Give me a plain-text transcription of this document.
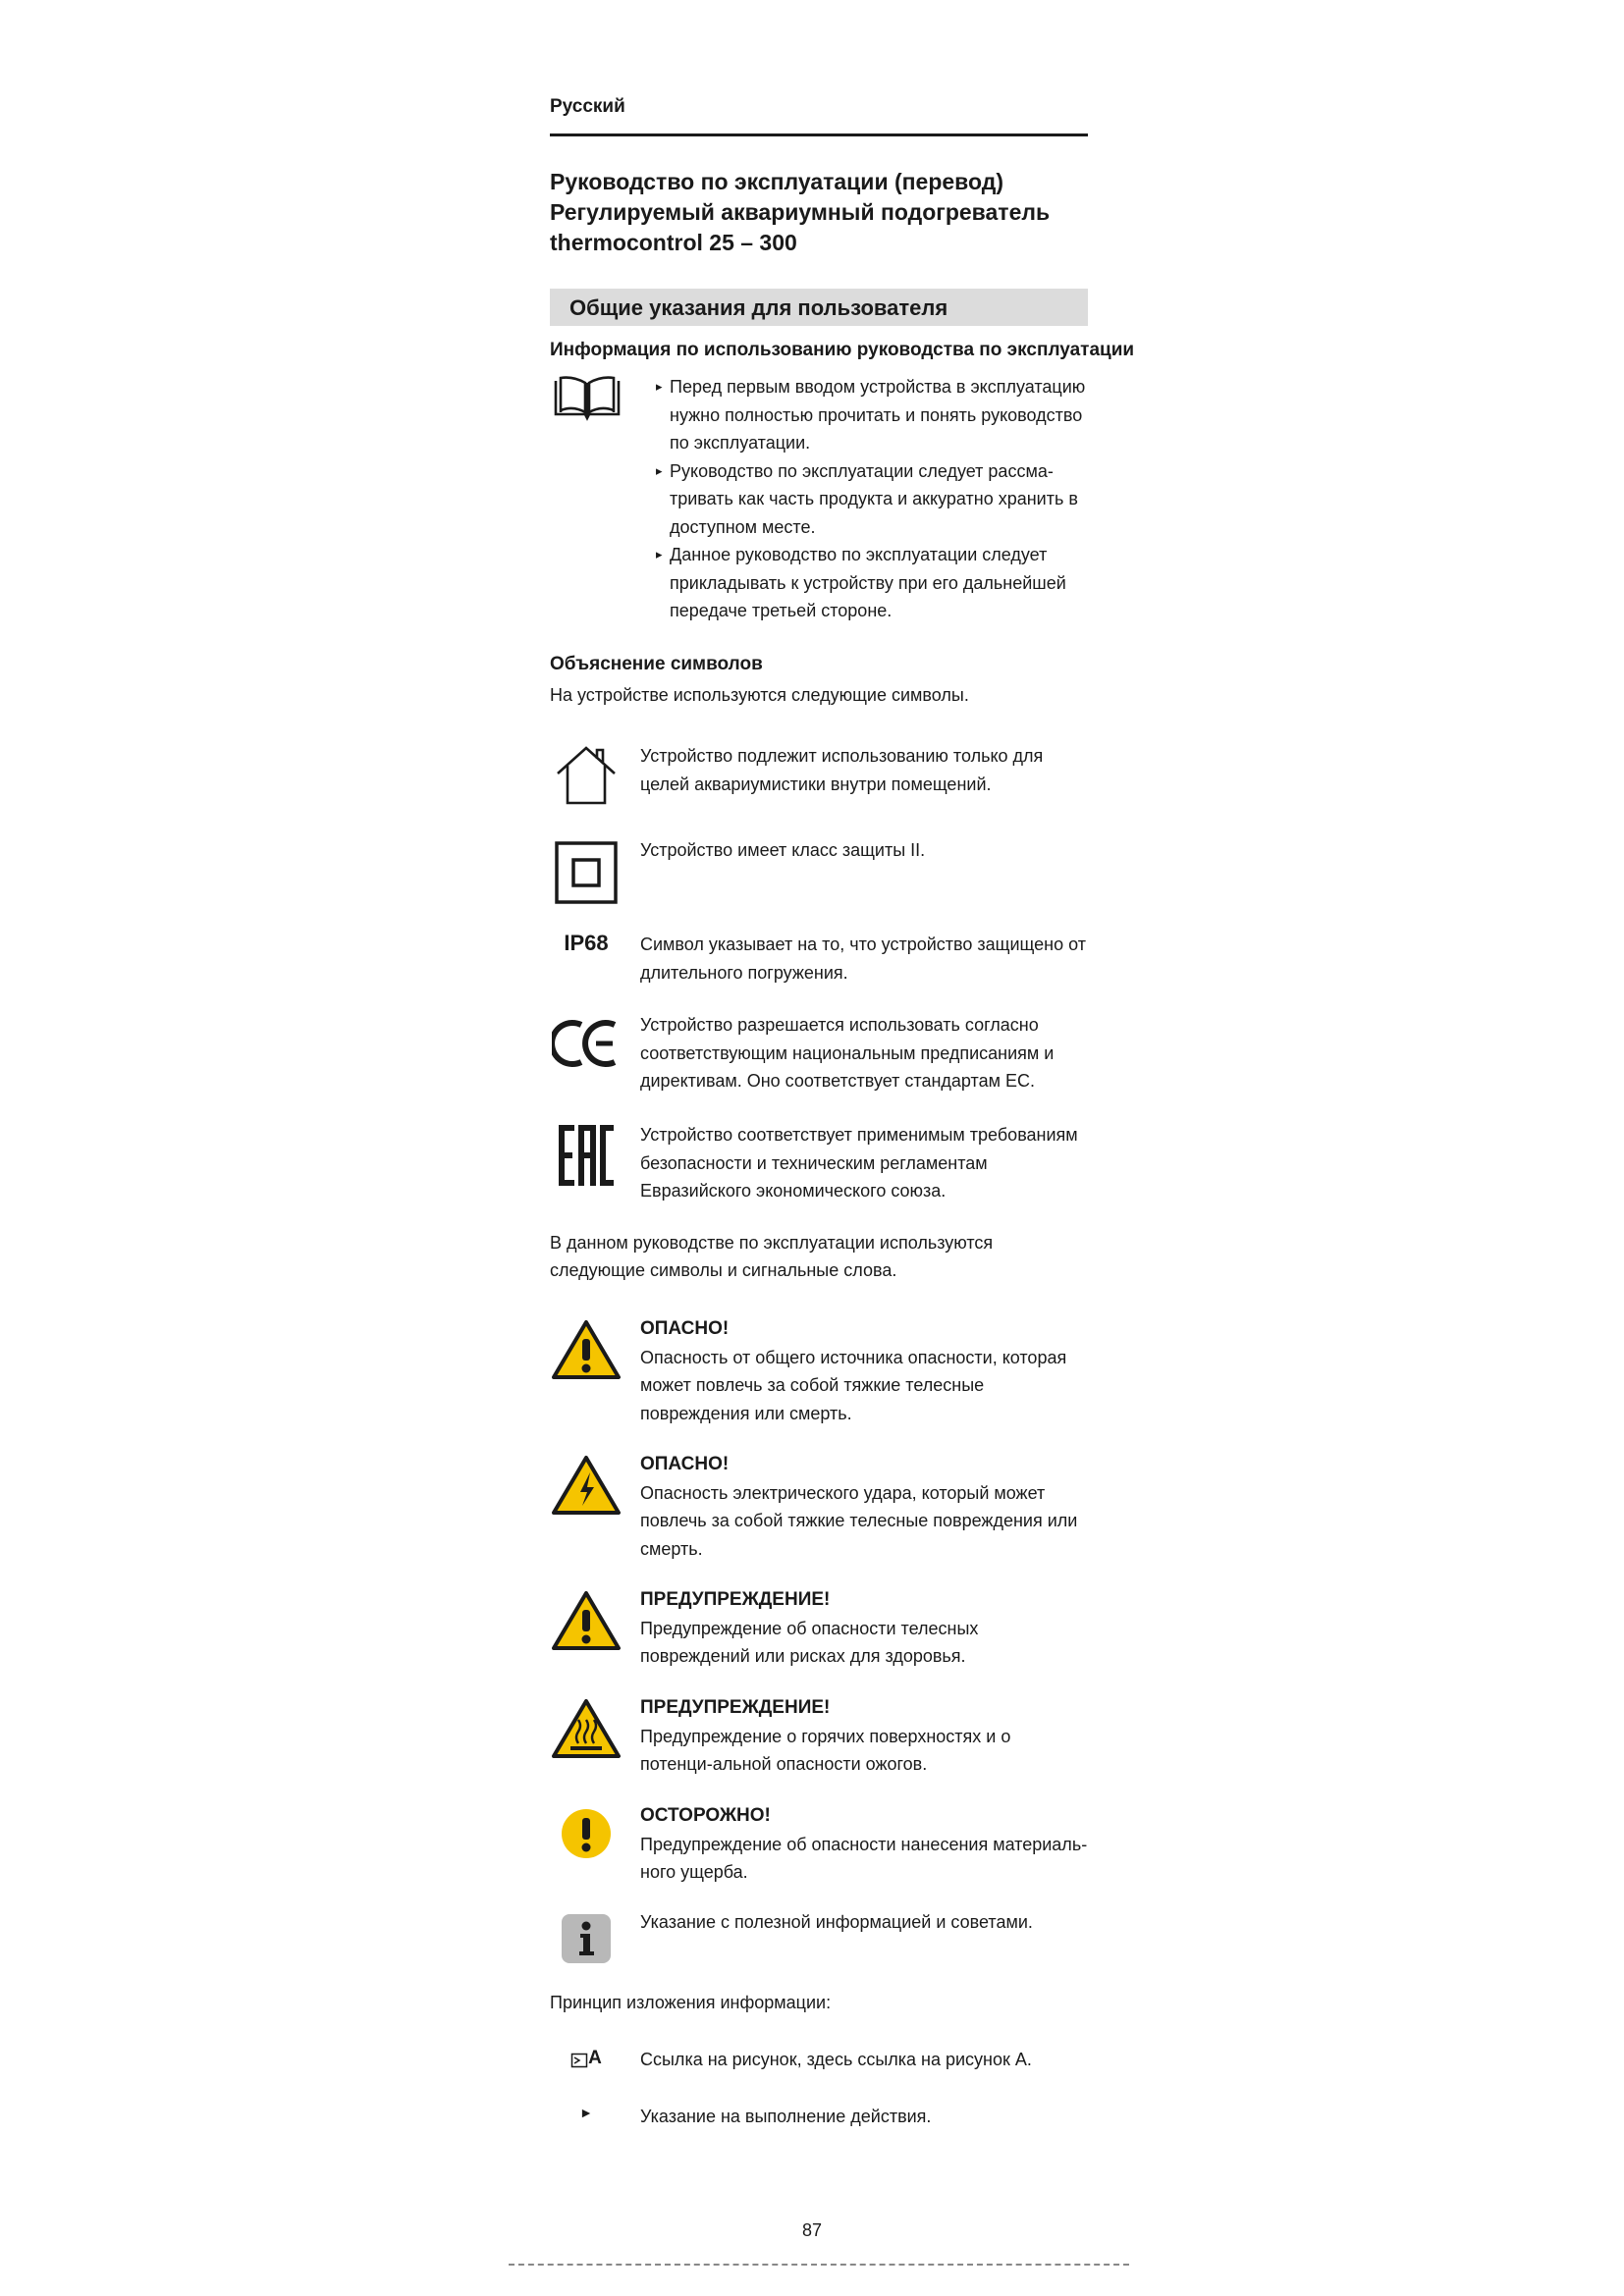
Русский
Руководство по эксплуатации (перевод)
Регулируемый аквариумный подогреватель
thermocontrol 25 – 300
Общие указания для пользователя
Информация по использованию руководства по эксплуатации
▸ Перед первым вводом устройства в эксплуатацию нужно полностью прочитать и понять руководство по эксплуатации.
▸ Руководство по эксплуатации следует рассма-тривать как часть продукта и аккуратно хранить в доступном месте.
▸ Данное руководство по эксплуатации следует прикладывать к устройству при его дальнейшей передаче третьей стороне.
Объяснение символов
На устройстве используются следующие символы.
Устройство подлежит использованию только для целей аквариумистики внутри помещений.
Устройство имеет класс защиты II.
IP68	Символ указывает на то, что устройство защищено от длительного погружения.
Устройство разрешается использовать согласно соответствующим национальным предписаниям и директивам. Оно соответствует стандартам ЕС.
Устройство соответствует применимым требованиям безопасности и техническим регламентам Евразийского экономического союза.
В данном руководстве по эксплуатации используются следующие символы и сигнальные слова.
ОПАСНО!
Опасность от общего источника опасности, которая может повлечь за собой тяжкие телесные повреждения или смерть.
ОПАСНО!
Опасность электрического удара, который может повлечь за собой тяжкие телесные повреждения или смерть.
ПРЕДУПРЕЖДЕНИЕ!
Предупреждение об опасности телесных повреждений или рисках для здоровья.
ПРЕДУПРЕЖДЕНИЕ!
Предупреждение о горячих поверхностях и о потенци-альной опасности ожогов.
ОСТОРОЖНО!
Предупреждение об опасности нанесения материаль-ного ущерба.
Указание с полезной информацией и советами.
Принцип изложения информации:
A Ссылка на рисунок, здесь ссылка на рисунок A.
►	Указание на выполнение действия.
87
